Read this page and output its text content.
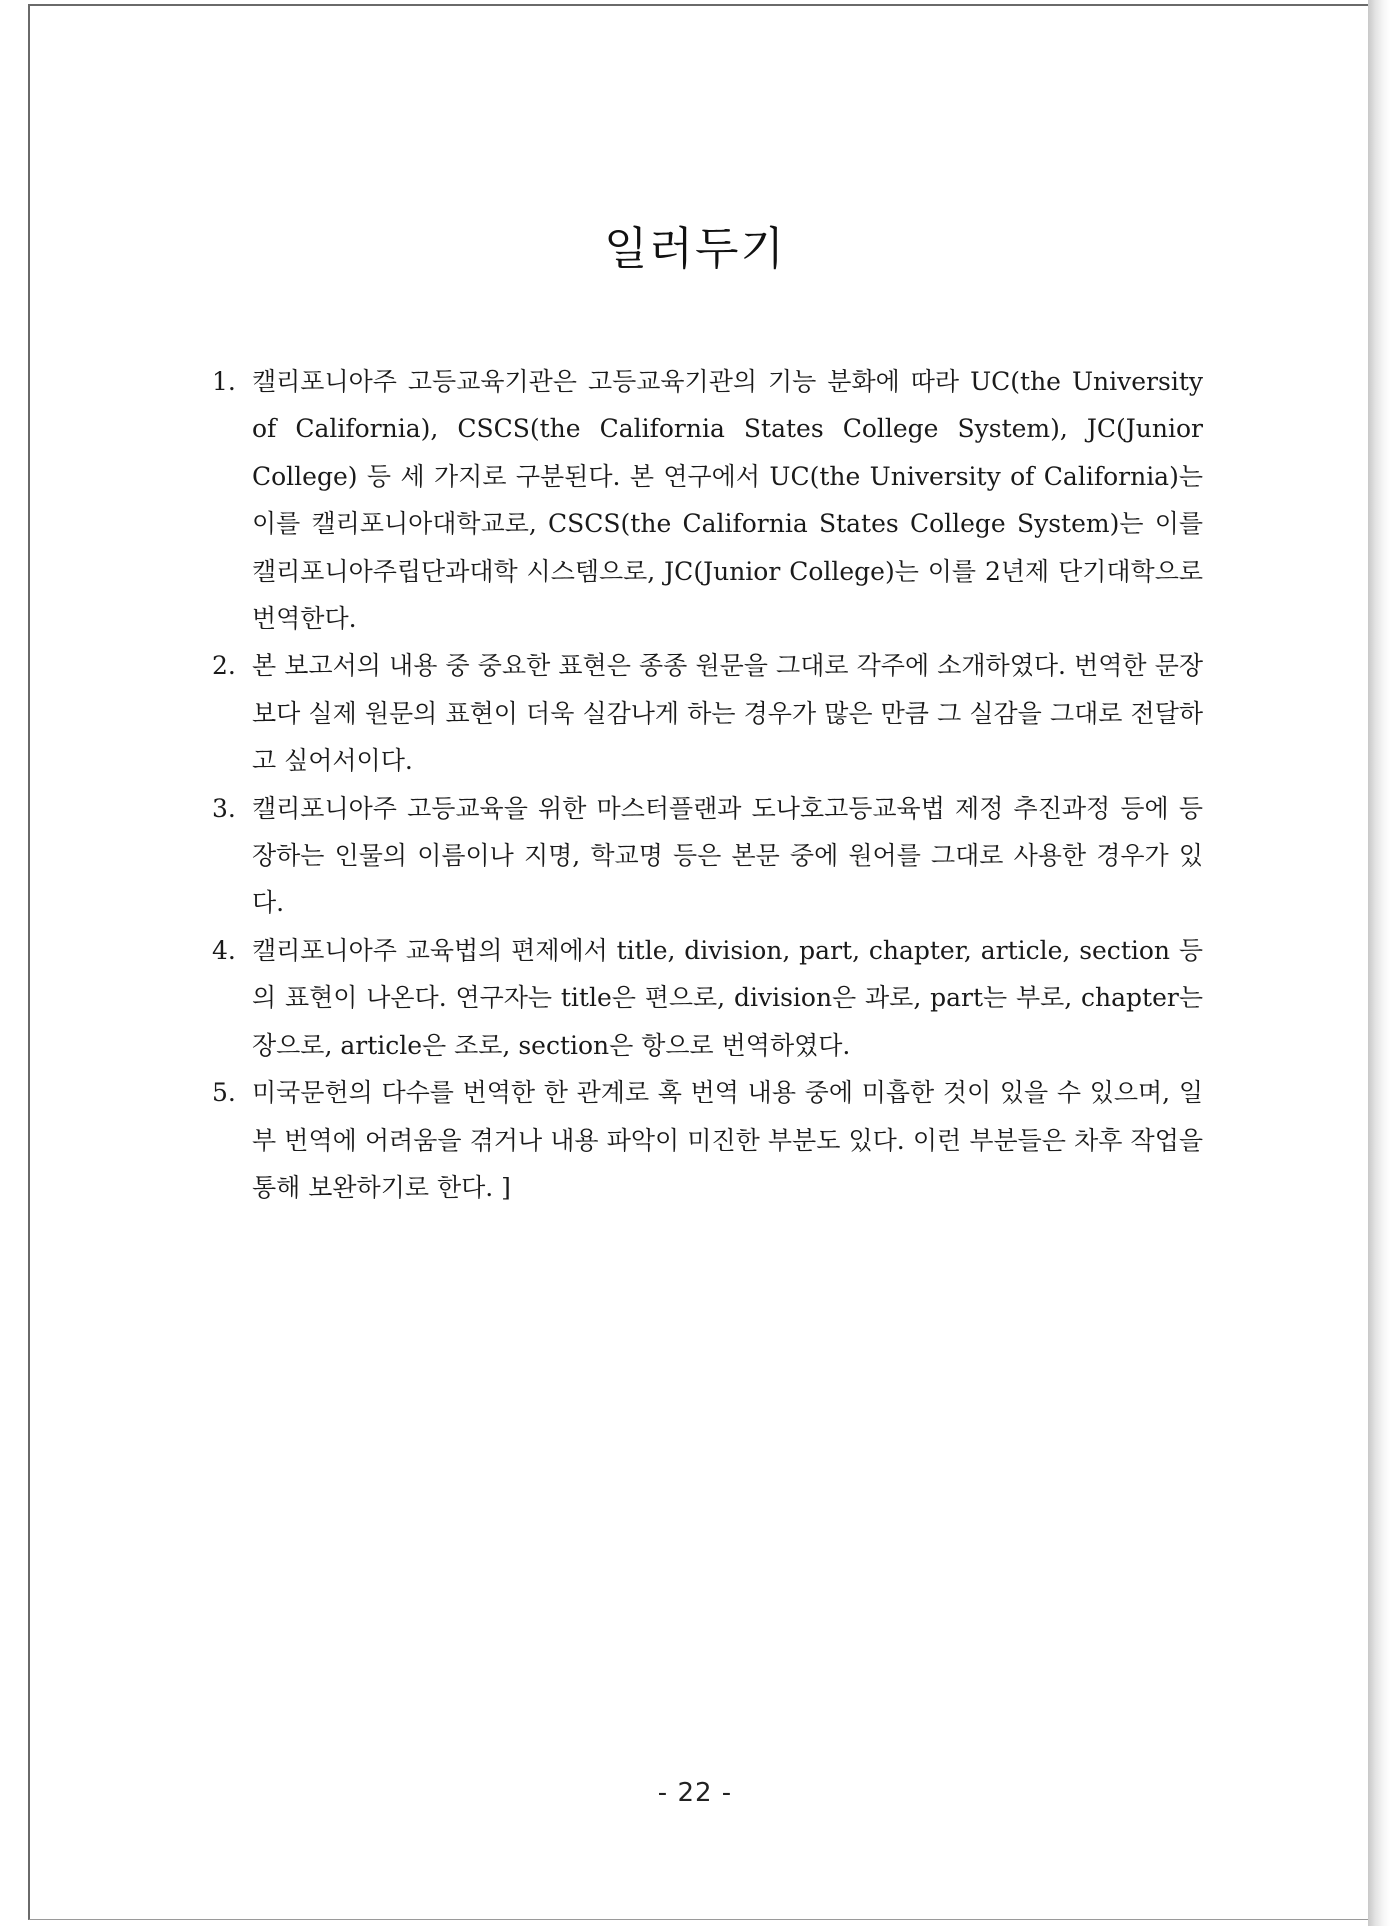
일러두기
1. 캘리포니아주 고등교육기관은 고등교육기관의 기능 분화에 따라 UC(the University of California), CSCS(the California States College System), JC(Junior College) 등 세 가지로 구분된다. 본 연구에서 UC(the University of California)는 이를 캘리포니아대학교로, CSCS(the California States College System)는 이를 캘리포니아주립단과대학 시스템으로, JC(Junior College)는 이를 2년제 단기대학으로 번역한다.
2. 본 보고서의 내용 중 중요한 표현은 종종 원문을 그대로 각주에 소개하였다. 번역한 문장보다 실제 원문의 표현이 더욱 실감나게 하는 경우가 많은 만큼 그 실감을 그대로 전달하고 싶어서이다.
3. 캘리포니아주 고등교육을 위한 마스터플랜과 도나호고등교육법 제정 추진과정 등에 등장하는 인물의 이름이나 지명, 학교명 등은 본문 중에 원어를 그대로 사용한 경우가 있다.
4. 캘리포니아주 교육법의 편제에서 title, division, part, chapter, article, section 등의 표현이 나온다. 연구자는 title은 편으로, division은 과로, part는 부로, chapter는 장으로, article은 조로, section은 항으로 번역하였다.
5. 미국문헌의 다수를 번역한 한 관계로 혹 번역 내용 중에 미흡한 것이 있을 수 있으며, 일부 번역에 어려움을 겪거나 내용 파악이 미진한 부분도 있다. 이런 부분들은 차후 작업을 통해 보완하기로 한다. ]
- 22 -
